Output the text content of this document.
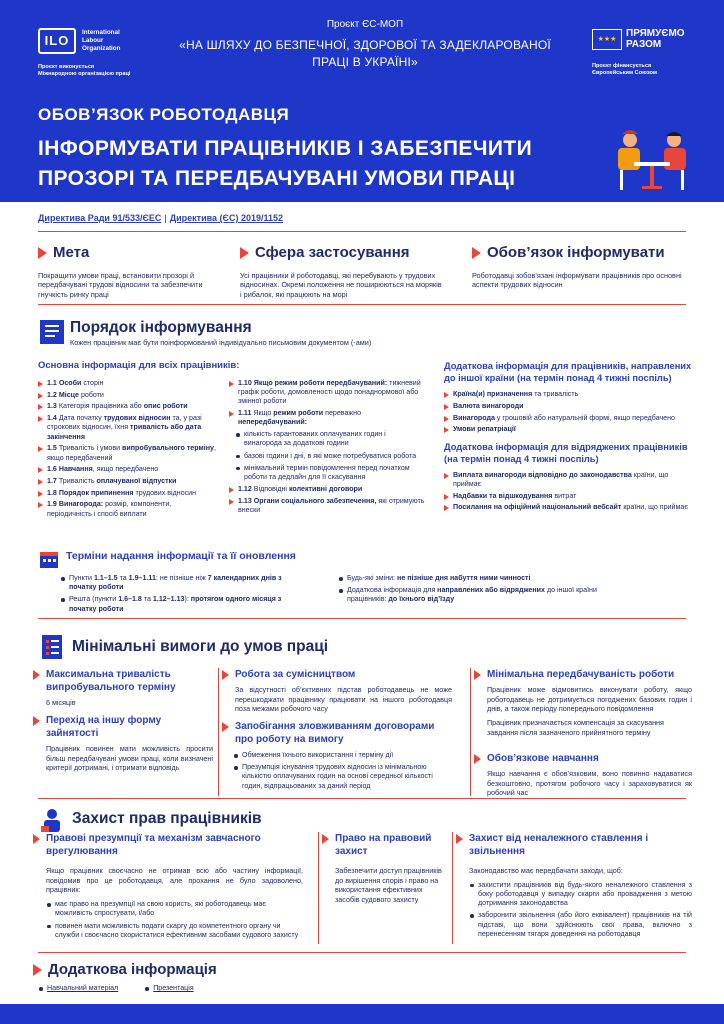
ILO	International
Labour
Organization
Проєкт виконується
Міжнародною організацією праці
Проєкт ЄС-МОП
«НА ШЛЯХУ ДО БЕЗПЕЧНОЇ, ЗДОРОВОЇ ТА ЗАДЕКЛАРОВАНОЇ ПРАЦІ В УКРАЇНІ»
★★★
ПРЯМУЄМО
РАЗОМ
Проєкт фінансується
Європейським Союзом
ОБОВ’ЯЗОК РОБОТОДАВЦЯ
ІНФОРМУВАТИ ПРАЦІВНИКІВ І ЗАБЕЗПЕЧИТИ ПРОЗОРІ ТА ПЕРЕДБАЧУВАНІ УМОВИ ПРАЦІ
Директива Ради 91/533/ЄЕС | Директива (ЄС) 2019/1152
Мета
Покращити умови праці, встановити прозорі й передбачувані трудові відносини та забезпечити гнучкість ринку праці
Сфера застосування
Усі працівники й роботодавці, які перебувають у трудових відносинах. Окремі положення не поширюються на моряків і рибалок, які працюють на морі
Обов’язок інформувати
Роботодавці зобов’язані інформувати працівників про основні аспекти трудових відносин
Порядок інформування
Кожен працівник має бути поінформований індивідуально письмовим документом (-ами)
Основна інформація для всіх працівників:
1.1 Особи сторін
1.2 Місце роботи
1.3 Категорія працівника або опис роботи
1.4 Дата початку трудових відносин та, у разі строкових відносин, їхня тривалість або дата закінчення
1.5 Тривалість і умови випробувального терміну, якщо передбачений
1.6 Навчання, якщо передбачено
1.7 Тривалість оплачуваної відпустки
1.8 Порядок припинення трудових відносин
1.9 Винагорода: розмір, компоненти, періодичність і спосіб виплати
1.10 Якщо режим роботи передбачуваний: тижневий графік роботи, домовленості щодо понаднормової або змінної роботи
1.11 Якщо режим роботи переважно непередбачуваний:
кількість гарантованих оплачуваних годин і винагорода за додаткові години
базові години і дні, в які може потребуватися робота
мінімальний термін повідомлення перед початком роботи та дедлайн для її скасування
1.12 Відповідні колективні договори
1.13 Органи соціального забезпечення, які отримують внески
Додаткова інформація для працівників, направлених до іншої країни (на термін понад 4 тижні поспіль)
Країна(и) призначення та тривалість
Валюта винагороди
Винагорода у грошовій або натуральній формі, якщо передбачено
Умови репатріації
Додаткова інформація для відряджених працівників (на термін понад 4 тижні поспіль)
Виплата винагороди відповідно до законодавства країни, що приймає
Надбавки та відшкодування витрат
Посилання на офіційний національний вебсайт країни, що приймає
Терміни надання інформації та її оновлення
Пункти 1.1–1.5 та 1.9–1.11: не пізніше ніж 7 календарних днів з початку роботи
Решта (пункти 1.6–1.8 та 1.12–1.13): протягом одного місяця з початку роботи
Будь-які зміни: не пізніше дня набуття ними чинності
Додаткова інформація для направлених або відряджених до іншої країни працівників: до їхнього від’їзду
Мінімальні вимоги до умов праці
Максимальна тривалість випробувального терміну
6 місяців
Перехід на іншу форму зайнятості
Працівник повинен мати можливість просити більш передбачувані умови праці, коли визначені критерії дотримані, і отримати відповідь
Робота за сумісництвом
За відсутності об’єктивних підстав роботодавець не може перешкоджати працівнику працювати на іншого роботодавця поза межами робочого часу
Запобігання зловживанням договорами про роботу на вимогу
Обмеження їхнього використання і терміну дії
Презумпція існування трудових відносин із мінімальною кількістю оплачуваних годин на основі середньої кількості годин, відпрацьованих за даний період
Мінімальна передбачуваність роботи
Працівник може відмовитись виконувати роботу, якщо роботодавець не дотримується погоджених базових годин і днів, а також періоду попереднього повідомлення
Працівник призначається компенсація за скасування завдання після зазначеного прийнятного терміну
Обов’язкове навчання
Якщо навчання є обов’язковим, воно повинно надаватися безкоштовно, протягом робочого часу і зараховуватися як робочий час
Захист прав працівників
Правові презумпції та механізм завчасного врегулювання
Якщо працівник своєчасно не отримав всю або частину інформації, повідомив про це роботодавця, але прохання не було задоволено, працівник:
має право на презумпції на свою користь, які роботодавець має можливість спростувати, і/або
повинен мати можливість подати скаргу до компетентного органу чи служби і своєчасно скористатися ефективним засобами судового захисту
Право на правовий захист
Забезпечити доступ працівників до вирішення спорів і право на використання ефективних засобів судового захисту
Захист від неналежного ставлення і звільнення
Законодавство має передбачати заходи, щоб:
захистити працівників від будь-якого неналежного ставлення з боку роботодавця у випадку скарги або провадження з метою дотримання законодавства
заборонити звільнення (або його еквівалент) працівників на тій підставі, що вони здійснюють свої права, включно з перенесенням тягаря доведення на роботодавця
Додаткова інформація
Навчальний матеріал	Презентація
